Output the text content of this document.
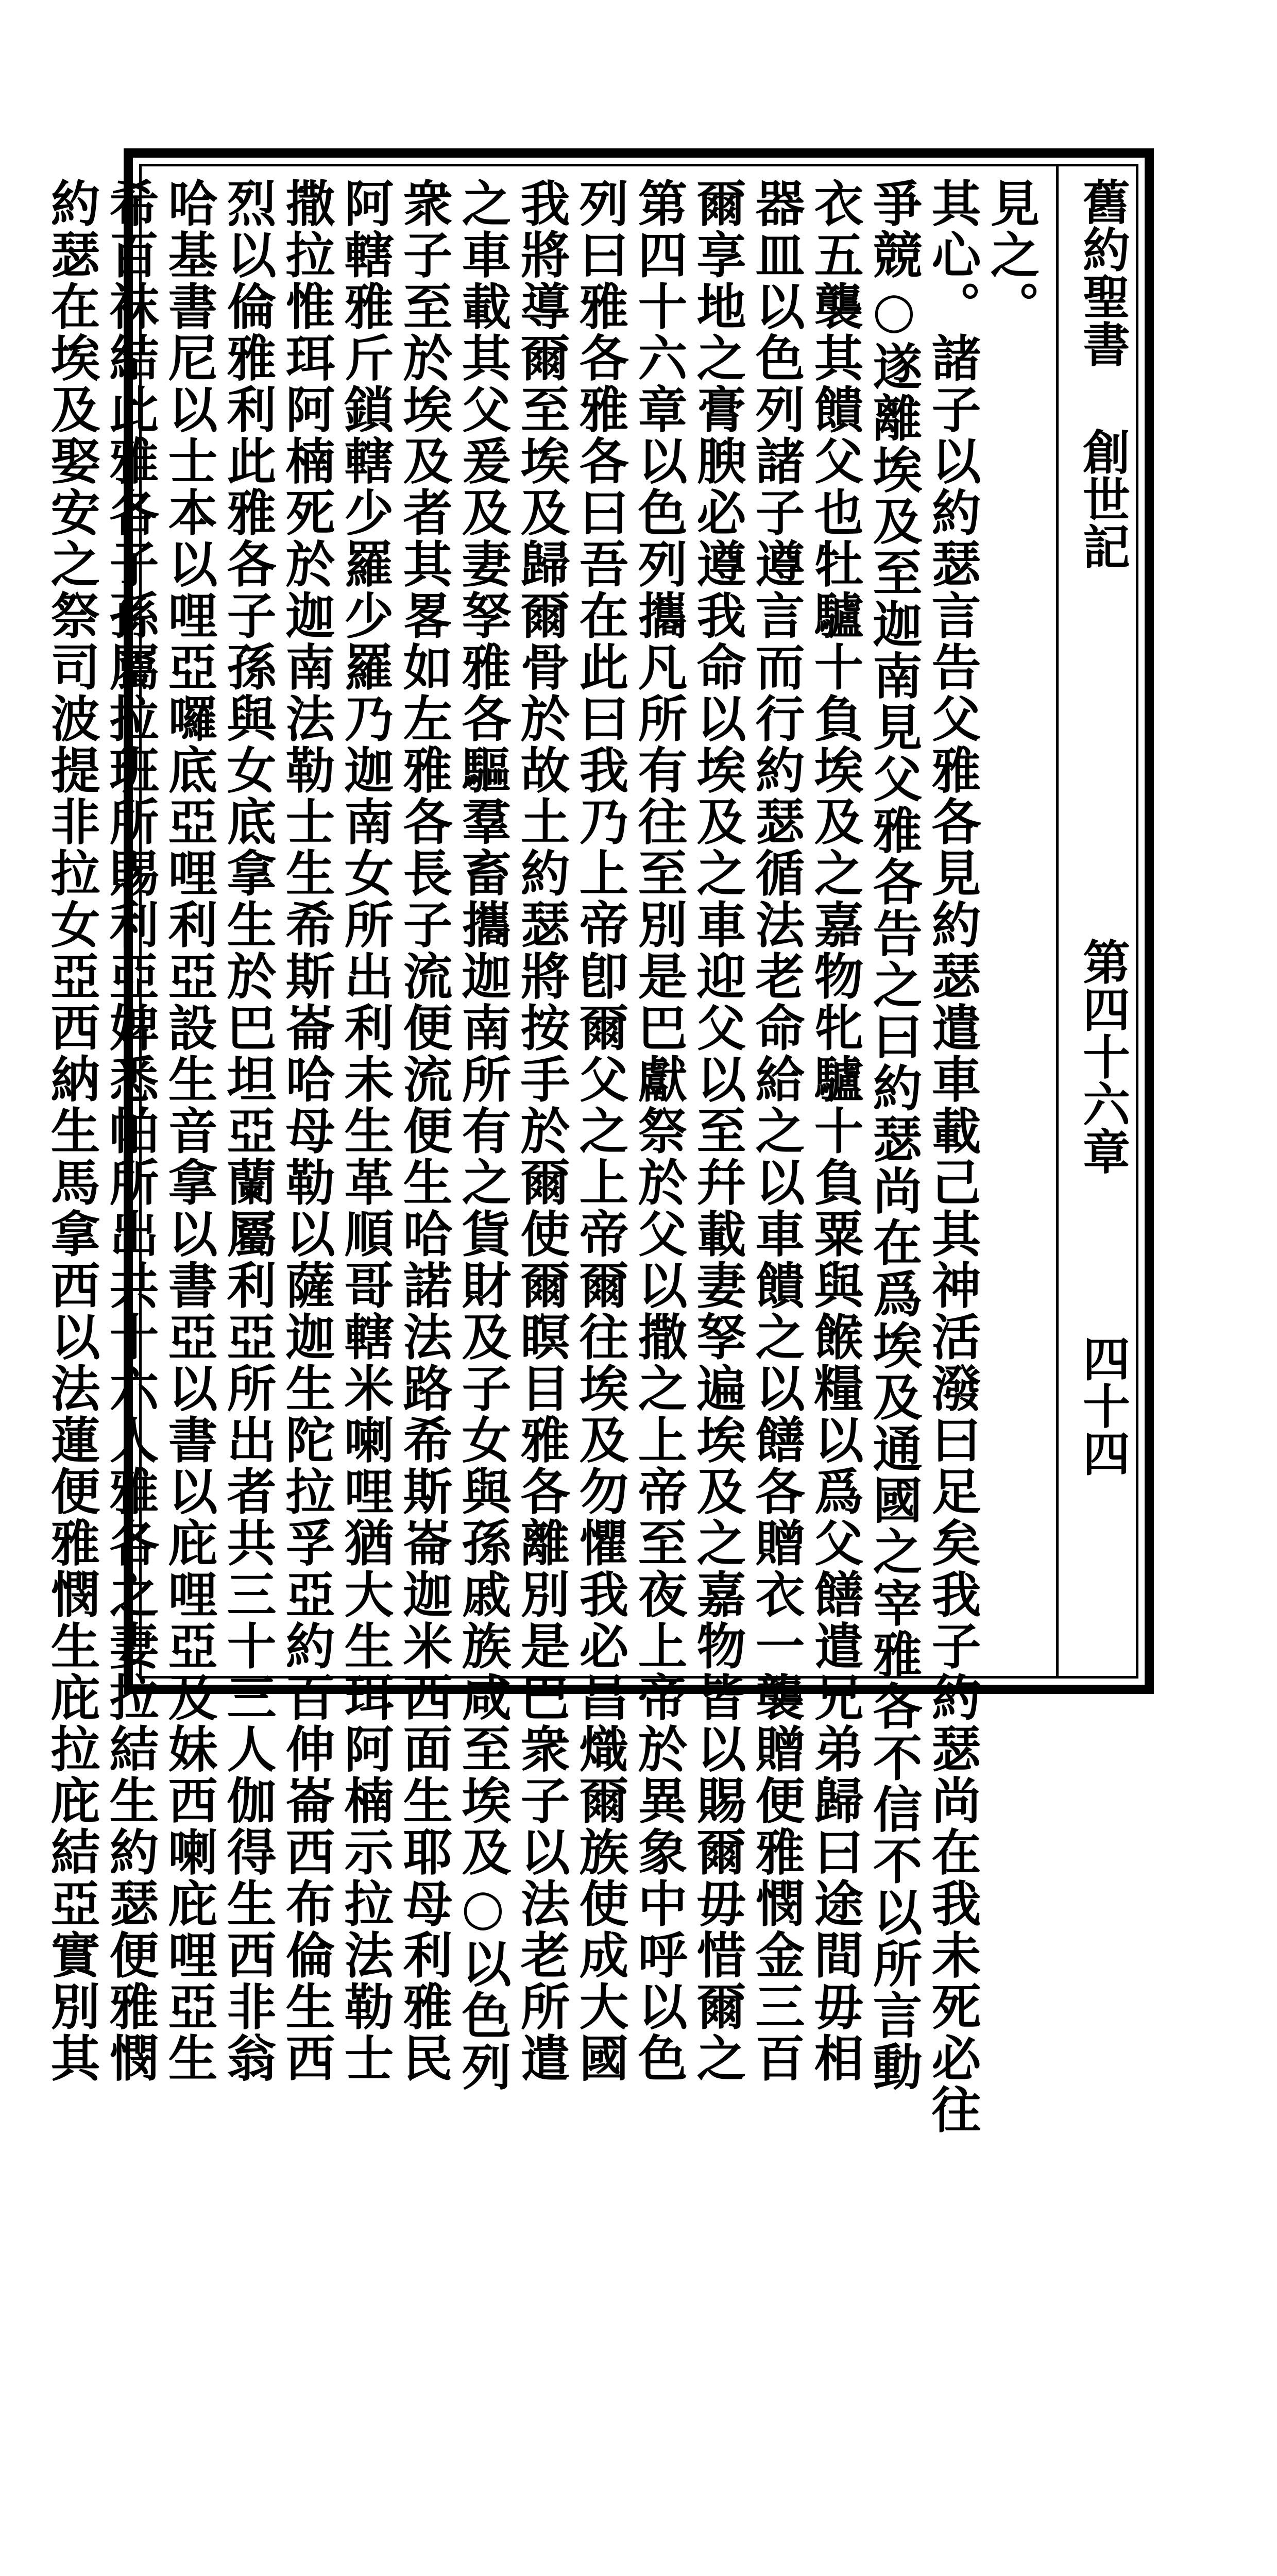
舊約聖書
創世記
第四十六章
四十四
見之。
其心。諸子以約瑟言告父雅各見約瑟遣車載己其神活潑曰足矣我子約瑟尚在我未死必往
爭競○遂離埃及至迦南見父雅各告之曰約瑟尚在爲埃及通國之宰雅各不信不以所言動
衣五襲其饋父也牡驢十負埃及之嘉物牝驢十負粟與餱糧以爲父饍遣兄弟歸曰途間毋相
器皿以色列諸子遵言而行約瑟循法老命給之以車饋之以饍各贈衣一襲贈便雅憫金三百
爾享地之膏腴必遵我命以埃及之車迎父以至幷載妻孥遍埃及之嘉物皆以賜爾毋惜爾之
第四十六章以色列攜凡所有往至別是巴獻祭於父以撒之上帝至夜上帝於異象中呼以色
列曰雅各雅各曰吾在此曰我乃上帝卽爾父之上帝爾往埃及勿懼我必昌熾爾族使成大國
我將導爾至埃及歸爾骨於故土約瑟將按手於爾使爾瞑目雅各離別是巴衆子以法老所遣
之車載其父爰及妻孥雅各驅羣畜攜迦南所有之貨財及子女與孫戚族咸至埃及○以色列
衆子至於埃及者其畧如左雅各長子流便流便生哈諾法路希斯崙迦米西面生耶母利雅民
阿轄雅斤鎖轄少羅少羅乃迦南女所出利未生革順哥轄米喇哩猶大生珥阿楠示拉法勒士
撒拉惟珥阿楠死於迦南法勒士生希斯崙哈母勒以薩迦生陀拉孚亞約百伸崙西布倫生西
烈以倫雅利此雅各子孫與女底拿生於巴坦亞蘭屬利亞所出者共三十三人伽得生西非翁
哈基書尼以士本以哩亞囉底亞哩利亞設生音拿以書亞以書以庇哩亞及妹西喇庇哩亞生
希百袜結此雅各子孫屬拉班所賜利亞婢悉帕所出共十六人雅各之妻拉結生約瑟便雅憫
約瑟在埃及娶安之祭司波提非拉女亞西納生馬拿西以法蓮便雅憫生庇拉庇結亞實別其
